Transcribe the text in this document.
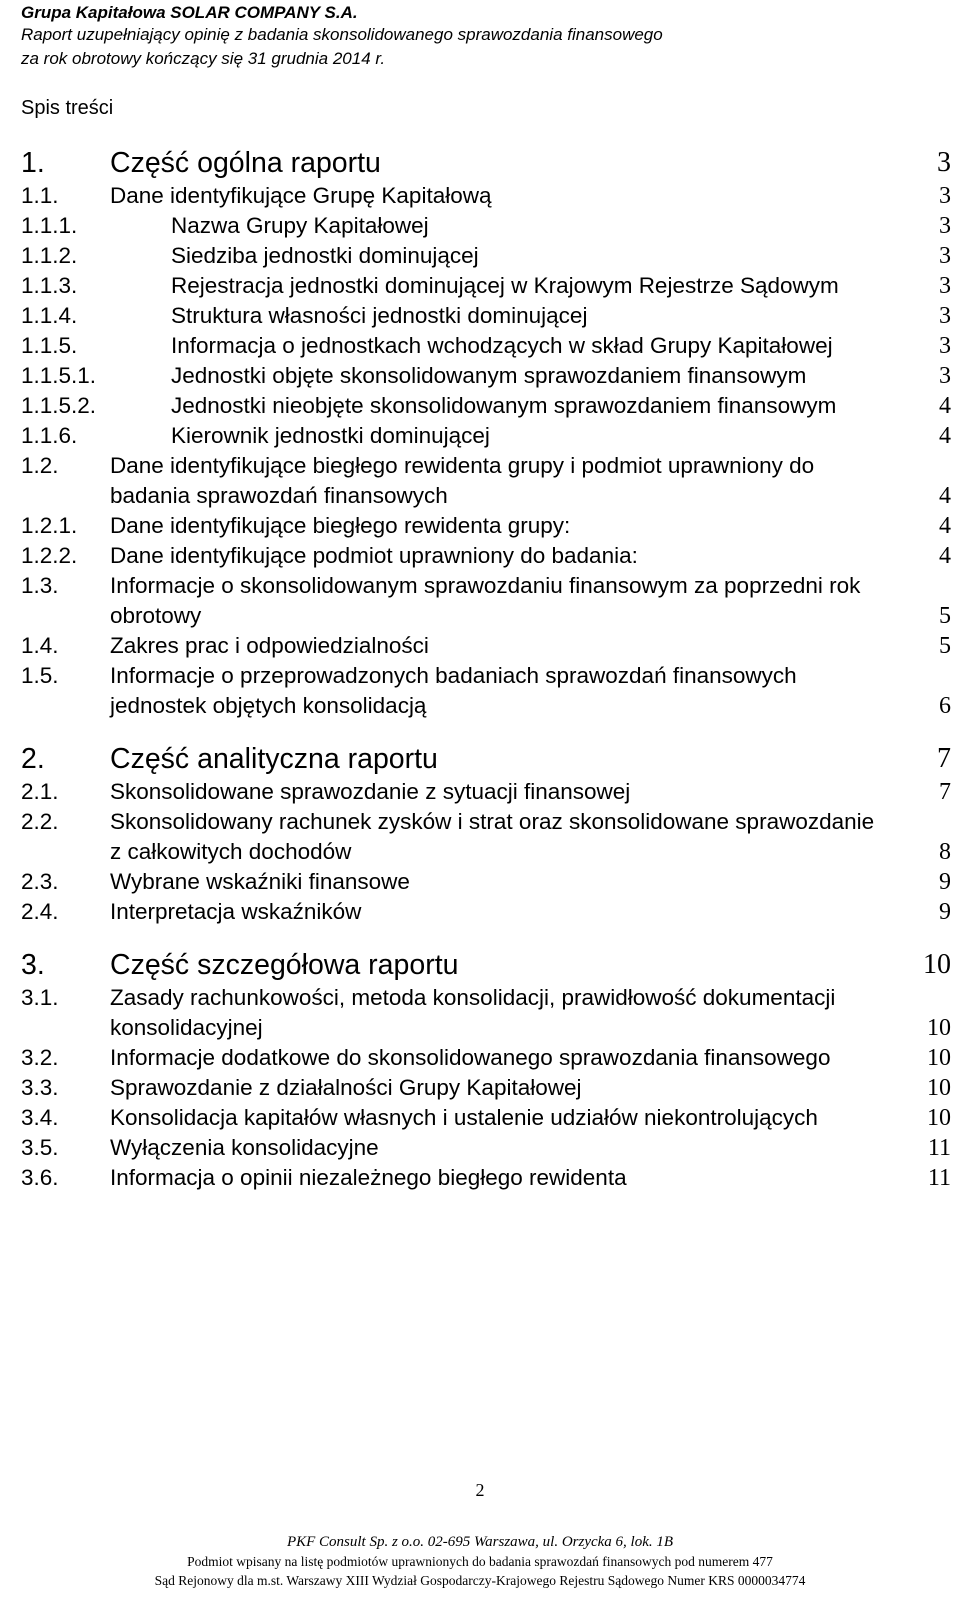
Grupa Kapitałowa SOLAR COMPANY S.A.
Raport uzupełniający opinię z badania skonsolidowanego sprawozdania finansowego
za rok obrotowy kończący się 31 grudnia 2014 r.
Spis treści
1. Część ogólna raportu	3
1.1. Dane identyfikujące Grupę Kapitałową	3
1.1.1.	Nazwa Grupy Kapitałowej	3
1.1.2.	Siedziba jednostki dominującej	3
1.1.3.	Rejestracja jednostki dominującej w Krajowym Rejestrze Sądowym	3
1.1.4.	Struktura własności jednostki dominującej	3
1.1.5.	Informacja o jednostkach wchodzących w skład Grupy Kapitałowej	3
1.1.5.1.	Jednostki objęte skonsolidowanym sprawozdaniem finansowym	3
1.1.5.2.	Jednostki nieobjęte skonsolidowanym sprawozdaniem finansowym	4
1.1.6.	Kierownik jednostki dominującej	4
1.2. Dane identyfikujące biegłego rewidenta grupy i podmiot uprawniony do badania sprawozdań finansowych	4
1.2.1. Dane identyfikujące biegłego rewidenta grupy:	4
1.2.2. Dane identyfikujące podmiot uprawniony do badania:	4
1.3. Informacje o skonsolidowanym sprawozdaniu finansowym za poprzedni rok obrotowy	5
1.4. Zakres prac i odpowiedzialności	5
1.5. Informacje o przeprowadzonych badaniach sprawozdań finansowych jednostek objętych konsolidacją	6
2. Część analityczna raportu	7
2.1. Skonsolidowane sprawozdanie z sytuacji finansowej	7
2.2. Skonsolidowany rachunek zysków i strat oraz skonsolidowane sprawozdanie z całkowitych dochodów	8
2.3. Wybrane wskaźniki finansowe	9
2.4. Interpretacja wskaźników	9
3. Część szczegółowa raportu	10
3.1. Zasady rachunkowości, metoda konsolidacji, prawidłowość dokumentacji konsolidacyjnej	10
3.2. Informacje dodatkowe do skonsolidowanego sprawozdania finansowego	10
3.3. Sprawozdanie z działalności Grupy Kapitałowej	10
3.4. Konsolidacja kapitałów własnych i ustalenie udziałów niekontrolujących	10
3.5. Wyłączenia konsolidacyjne	11
3.6. Informacja o opinii niezależnego biegłego rewidenta	11
2
PKF Consult Sp. z o.o. 02-695 Warszawa, ul. Orzycka 6, lok. 1B
Podmiot wpisany na listę podmiotów uprawnionych do badania sprawozdań finansowych pod numerem 477
Sąd Rejonowy dla m.st. Warszawy XIII Wydział Gospodarczy-Krajowego Rejestru Sądowego Numer KRS 0000034774
